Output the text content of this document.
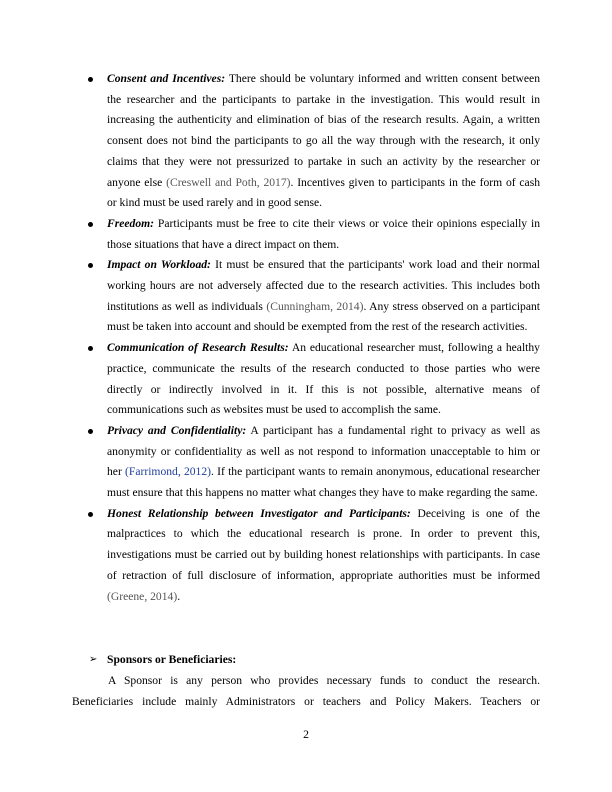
Consent and Incentives: There should be voluntary informed and written consent between the researcher and the participants to partake in the investigation. This would result in increasing the authenticity and elimination of bias of the research results. Again, a written consent does not bind the participants to go all the way through with the research, it only claims that they were not pressurized to partake in such an activity by the researcher or anyone else (Creswell and Poth, 2017). Incentives given to participants in the form of cash or kind must be used rarely and in good sense.
Freedom: Participants must be free to cite their views or voice their opinions especially in those situations that have a direct impact on them.
Impact on Workload: It must be ensured that the participants' work load and their normal working hours are not adversely affected due to the research activities. This includes both institutions as well as individuals (Cunningham, 2014). Any stress observed on a participant must be taken into account and should be exempted from the rest of the research activities.
Communication of Research Results: An educational researcher must, following a healthy practice, communicate the results of the research conducted to those parties who were directly or indirectly involved in it. If this is not possible, alternative means of communications such as websites must be used to accomplish the same.
Privacy and Confidentiality: A participant has a fundamental right to privacy as well as anonymity or confidentiality as well as not respond to information unacceptable to him or her (Farrimond, 2012). If the participant wants to remain anonymous, educational researcher must ensure that this happens no matter what changes they have to make regarding the same.
Honest Relationship between Investigator and Participants: Deceiving is one of the malpractices to which the educational research is prone. In order to prevent this, investigations must be carried out by building honest relationships with participants. In case of retraction of full disclosure of information, appropriate authorities must be informed (Greene, 2014).
➢ Sponsors or Beneficiaries:

A Sponsor is any person who provides necessary funds to conduct the research. Beneficiaries include mainly Administrators or teachers and Policy Makers. Teachers or

2
